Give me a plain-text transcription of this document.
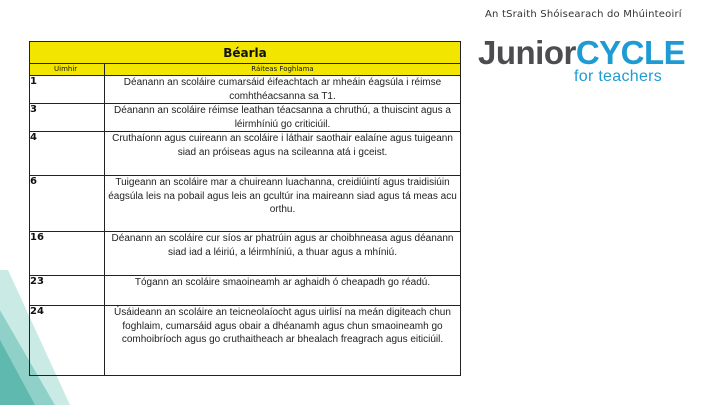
An tSraith Shóisearach do Mhúinteoirí
JuniorCYCLE
for teachers
Béarla	
Uimhir	Ráiteas Foghlama
1	Déanann an scoláire cumarsáid éifeachtach ar mheáin éagsúla i réimse comhthéacsanna sa T1.
3	Déanann an scoláire réimse leathan téacsanna a chruthú, a thuiscint agus a léirmhíniú go criticiúil.
4	Cruthaíonn agus cuireann an scoláire i láthair saothair ealaíne agus tuigeann siad an próiseas agus na scileanna atá i gceist.
6	Tuigeann an scoláire mar a chuireann luachanna, creidiúintí agus traidisiúin éagsúla leis na pobail agus leis an gcultúr ina maireann siad agus tá meas acu orthu.
16	Déanann an scoláire cur síos ar phatrúin agus ar choibhneasa agus déanann siad iad a léiriú, a léirmhíniú, a thuar agus a mhíniú.
23	Tógann an scoláire smaoineamh ar aghaidh ó cheapadh go réadú.
24	Úsáideann an scoláire an teicneolaíocht agus uirlisí na meán digiteach chun foghlaim, cumarsáid agus obair a dhéanamh agus chun smaoineamh go comhoibríoch agus go cruthaitheach ar bhealach freagrach agus eiticiúil.
